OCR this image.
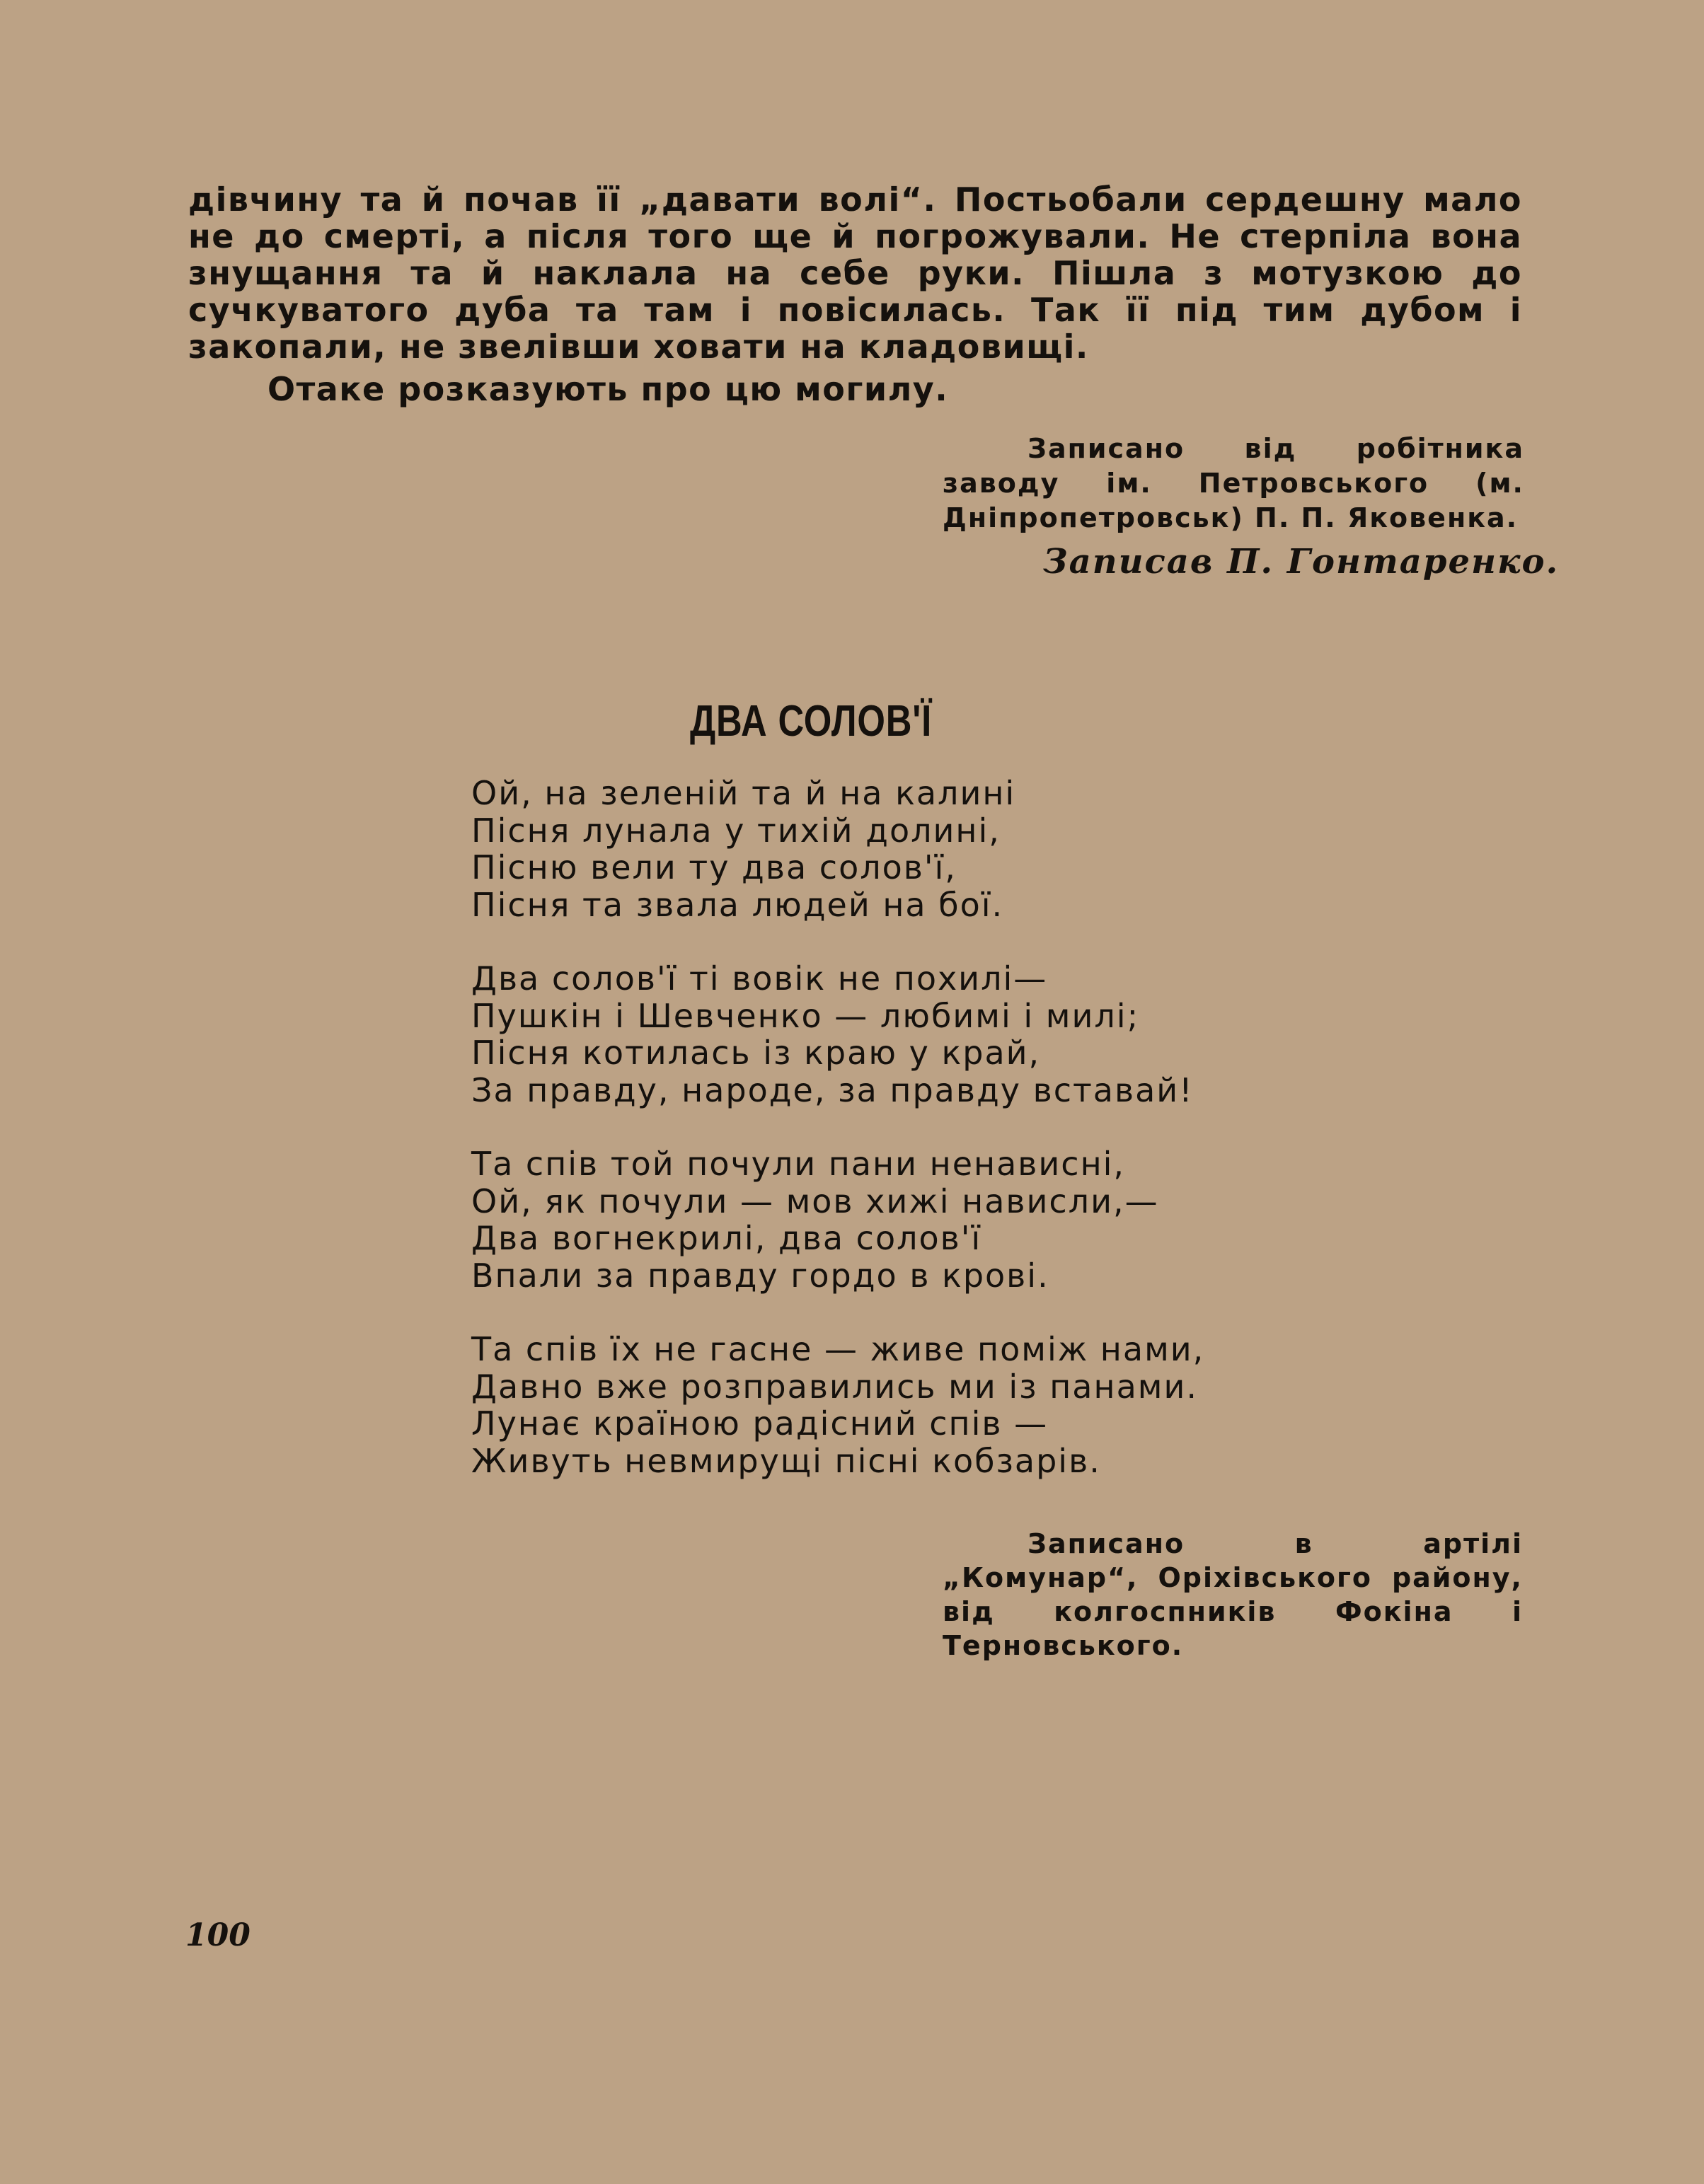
дівчину та й почав її „давати волі“. Постьобали сердешну мало не до смерті, а після того ще й погрожували. Не стерпіла вона знущання та й наклала на себе руки. Пішла з мотузкою до сучкуватого дуба та там і повісилась. Так її під тим дубом і закопали, не звелівши ховати на кладовищі.

Отаке розказують про цю могилу.

Записано від робітника заводу ім. Петровського (м. Дніпропетровськ) П. П. Яковенка.

Записав П. Гонтаренко.
ДВА СОЛОВ'Ї
Ой, на зеленій та й на калині
Пісня лунала у тихій долині,
Пісню вели ту два солов'ї,
Пісня та звала людей на бої.
Два солов'ї ті вовік не похилі—
Пушкін і Шевченко — любимі і милі;
Пісня котилась із краю у край,
За правду, народе, за правду вставай!
Та спів той почули пани ненависні,
Ой, як почули — мов хижі нависли,—
Два вогнекрилі, два солов'ї
Впали за правду гордо в крові.
Та спів їх не гасне — живе поміж нами,
Давно вже розправились ми із панами.
Лунає країною радісний спів —
Живуть невмирущі пісні кобзарів.

Записано в артілі „Комунар“, Оріхівського району, від колгоспників Фокіна і Терновського.

100
